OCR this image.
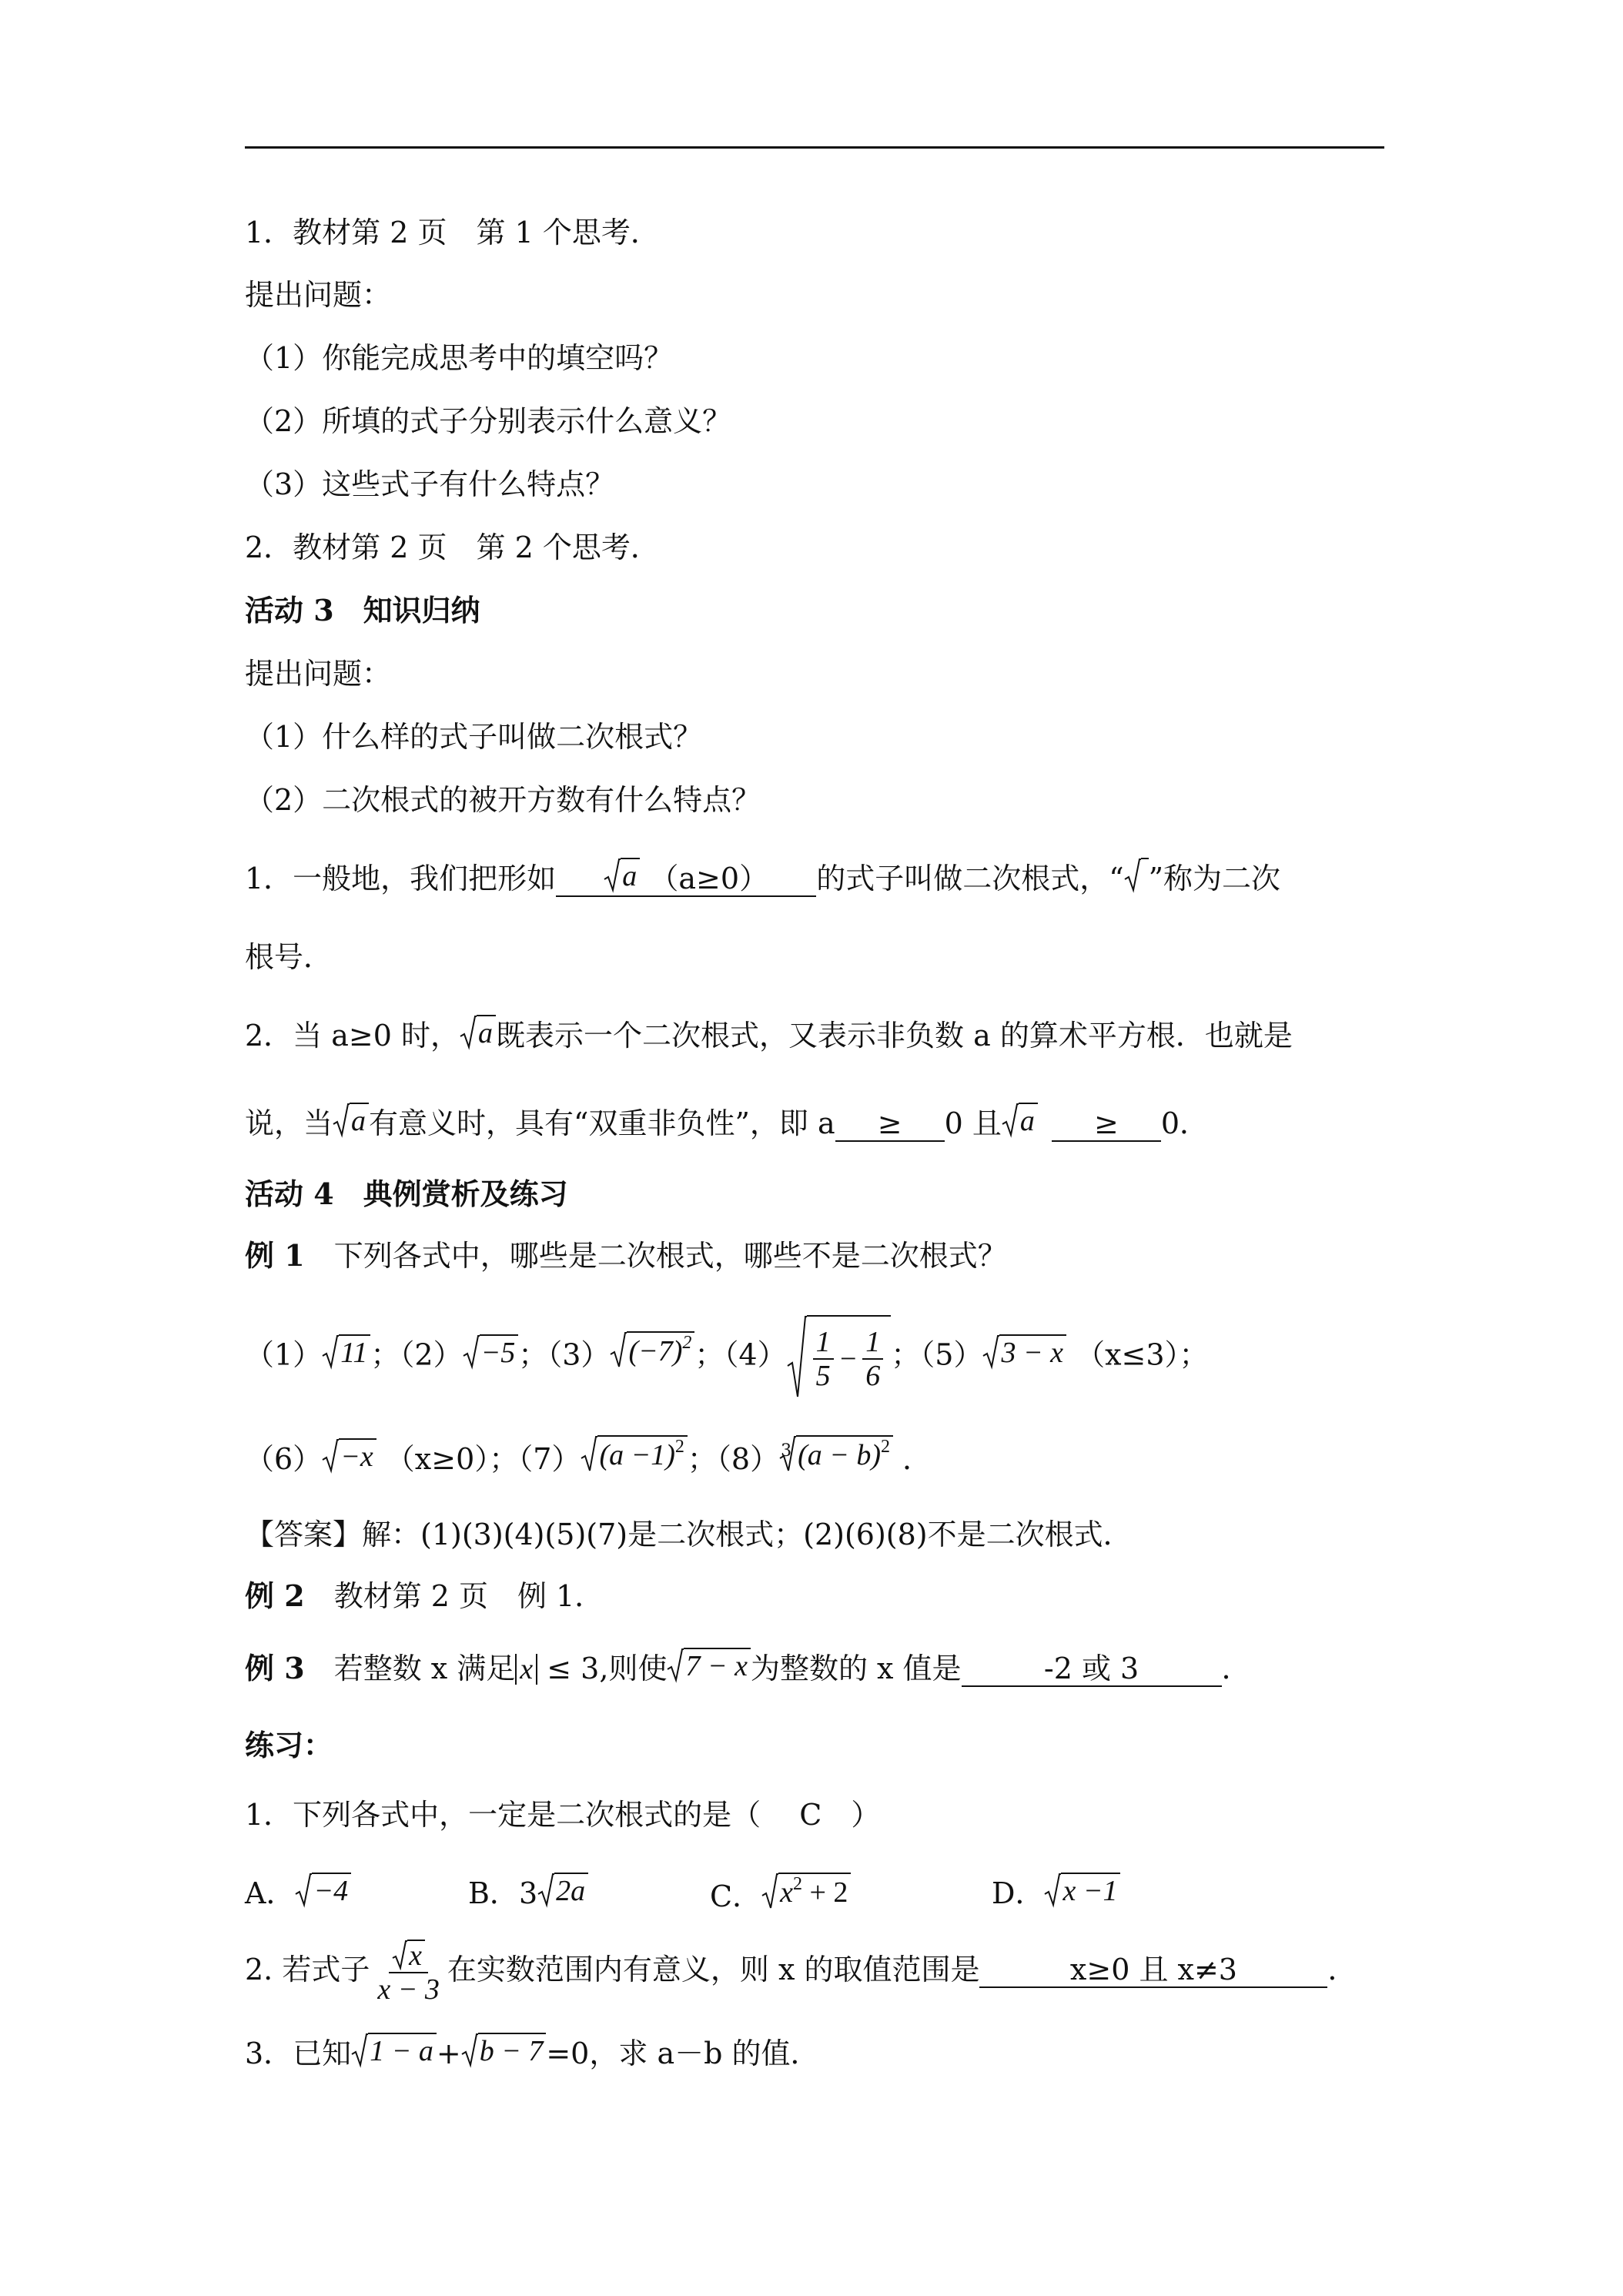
1．教材第 2 页　第 1 个思考．
提出问题：
（1）你能完成思考中的填空吗？
（2）所填的式子分别表示什么意义？
（3）这些式子有什么特点？
2．教材第 2 页　第 2 个思考．
活动 3　知识归纳
提出问题：
（1）什么样的式子叫做二次根式？
（2）二次根式的被开方数有什么特点？
1．一般地，我们把形如 a （a≥0） 的式子叫做二次根式，“ ”称为二次
根号．
2．当 a≥0 时， a 既表示一个二次根式，又表示非负数 a 的算术平方根．也就是
说，当 a 有意义时，具有“双重非负性”，即 a ≥ 0 且 a ≥ 0．
活动 4　典例赏析及练习
例 1　 下列各式中，哪些是二次根式，哪些不是二次根式？
（1） 11 ；（2） −5 ；（3） $(-7)^2$ ；$(4) \frac{1}{5} - \frac{1}{6}$ ；（5） 3 − x （x≤3）；
（6） −x （x≥0）；（7） $(a -1)^2$ ；（8） 3 $(a - b)^2$ ．
【答案】解：(1)(3)(4)(5)(7)是二次根式；(2)(6)(8)不是二次根式．
例 2　 教材第 2 页　例 1．
例 3　 若整数 x 满足 x ≤ 3,则使 7 − x 为整数的 x 值是	-2 或 3	．
练习：
1．下列各式中，一定是二次根式的是（　 C　）
A． −4	B．3 2a	C． $x^2 + 2$	D． x −1
2. 若式子 $\frac{x}{x - 3}$ 在实数范围内有意义，则 x 的取值范围是	x≥0 且 x≠3	．
3．已知 1 − a + b − 7 =0，求 a－b 的值．
